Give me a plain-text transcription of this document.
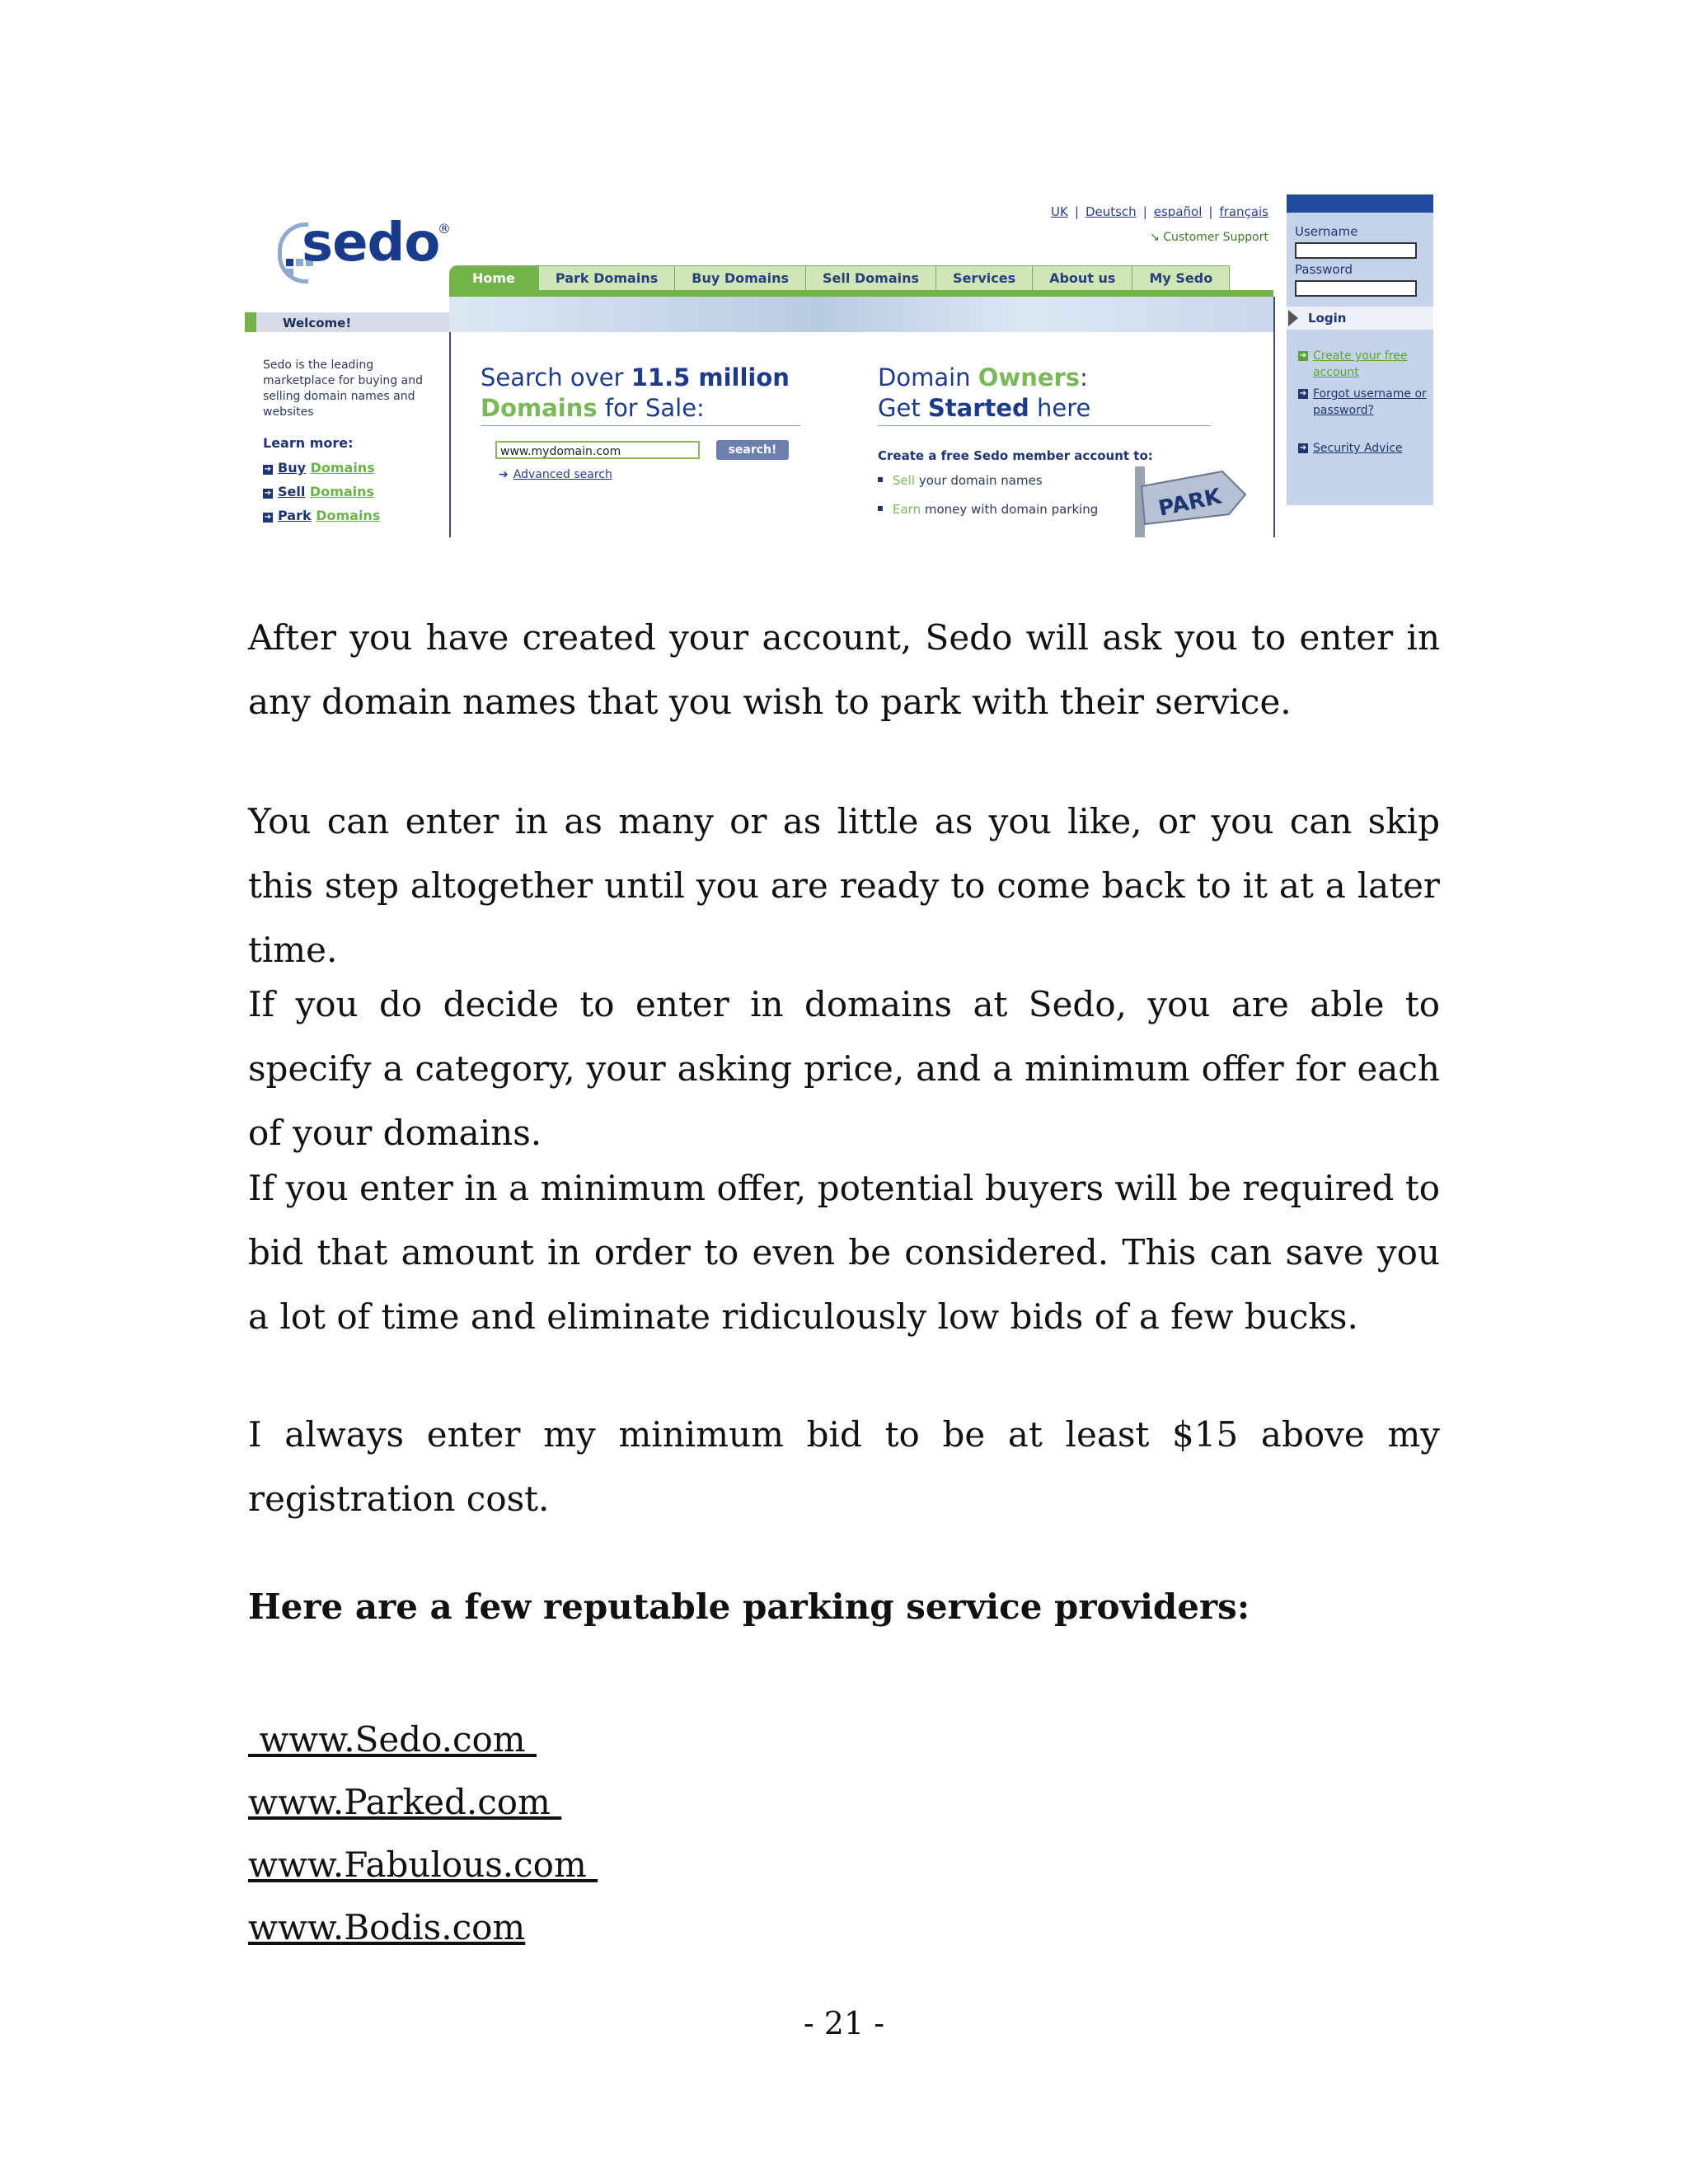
sedo
®
UK | Deutsch | español | français
↘ Customer Support
Home	Park Domains	Buy Domains	Sell Domains	Services	About us	My Sedo
Welcome!
Sedo is the leading marketplace for buying and selling domain names and websites
Learn more:
➔ Buy Domains
➔ Sell Domains
➔ Park Domains
Search over 11.5 million
Domains for Sale:
www.mydomain.com	search!
➔ Advanced search
Domain Owners:
Get Started here
Create a free Sedo member account to:
Sell your domain names
Earn money with domain parking	PARK
Username
Password
Login
➔ Create your free account
➔ Forgot username or password?
➔ Security Advice

After you have created your account, Sedo will ask you to enter in any domain names that you wish to park with their service.

You can enter in as many or as little as you like, or you can skip this step altogether until you are ready to come back to it at a later time.

If you do decide to enter in domains at Sedo, you are able to specify a category, your asking price, and a minimum offer for each of your domains.

If you enter in a minimum offer, potential buyers will be required to bid that amount in order to even be considered. This can save you a lot of time and eliminate ridiculously low bids of a few bucks.

I always enter my minimum bid to be at least $15 above my registration cost.

Here are a few reputable parking service providers:
www.Sedo.com
www.Parked.com
www.Fabulous.com
www.Bodis.com
- 21 -
